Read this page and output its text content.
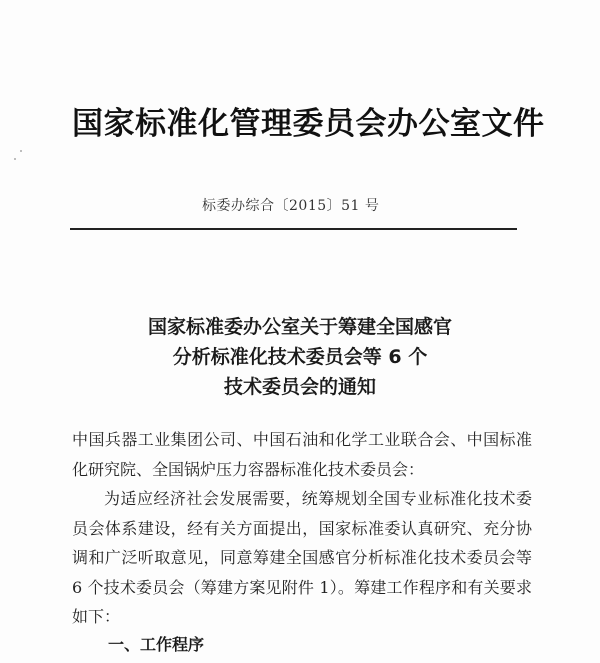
国家标准化管理委员会办公室文件
标委办综合〔2015〕51 号
国家标准委办公室关于筹建全国感官
分析标准化技术委员会等 6 个
技术委员会的通知

中国兵器工业集团公司、中国石油和化学工业联合会、中国标准化研究院、全国锅炉压力容器标准化技术委员会：

为适应经济社会发展需要，统筹规划全国专业标准化技术委员会体系建设，经有关方面提出，国家标准委认真研究、充分协调和广泛听取意见，同意筹建全国感官分析标准化技术委员会等 6 个技术委员会（筹建方案见附件 1）。筹建工作程序和有关要求如下：

一、工作程序
